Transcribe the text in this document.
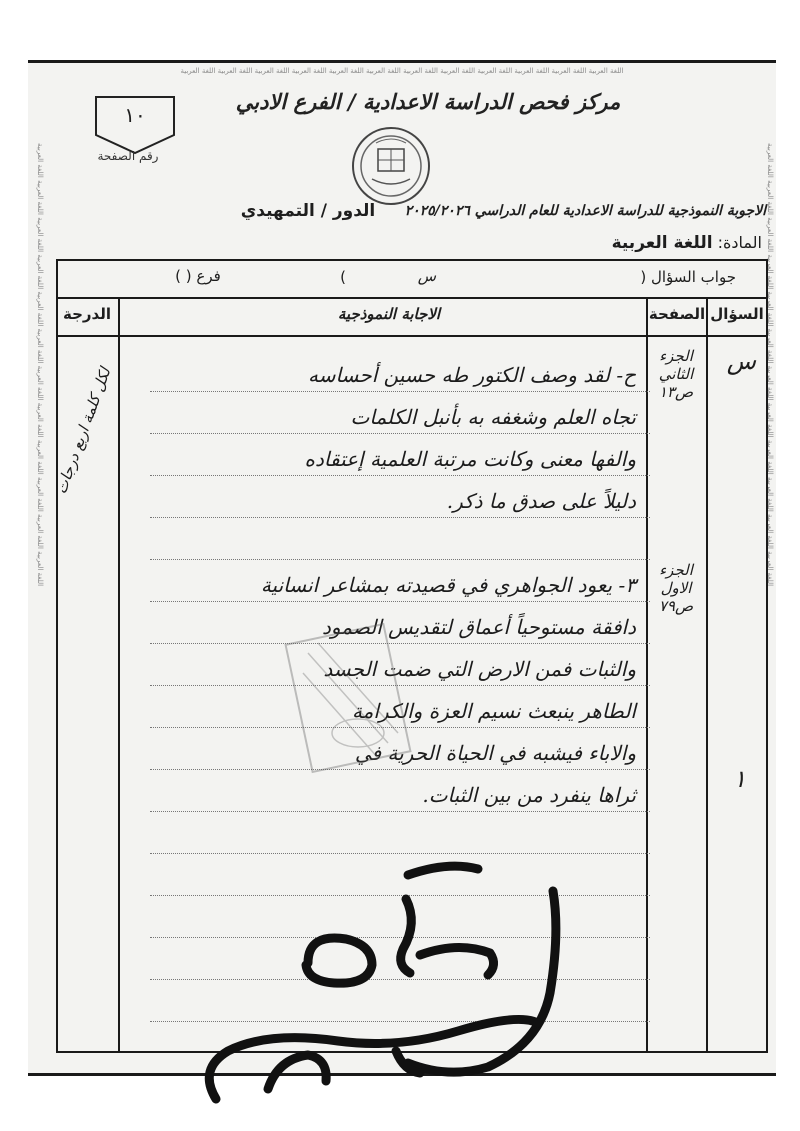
اللغة العربية اللغة العربية اللغة العربية اللغة العربية اللغة العربية اللغة العربية اللغة العربية اللغة العربية اللغة العربية اللغة العربية اللغة العربية اللغة العربية
اللغة العربية اللغة العربية اللغة العربية اللغة العربية اللغة العربية اللغة العربية اللغة العربية اللغة العربية اللغة العربية اللغة العربية اللغة العربية اللغة العربية	اللغة العربية اللغة العربية اللغة العربية اللغة العربية اللغة العربية اللغة العربية اللغة العربية اللغة العربية اللغة العربية اللغة العربية اللغة العربية اللغة العربية
مركز فحص الدراسة الاعدادية / الفرع الادبي
١٠
رقم الصفحة
الاجوبة النموذجية للدراسة الاعدادية للعام الدراسي ٢٠٢٥/٢٠٢٦
الدور / التمهيدي
المادة: اللغة العربية
جواب السؤال (
س
)
فرع ( )
السؤال
الصفحة
الاجابة النموذجية
الدرجة
س
١
الجزء الثاني ص١٣
الجزء الاول ص٧٩
ح- لقد وصف الكتور طه حسين أحساسه
تجاه العلم وشغفه به بأنبل الكلمات
والفها معنى وكانت مرتبة العلمية إعتقاده
دليلاً على صدق ما ذكر.
٣- يعود الجواهري في قصيدته بمشاعر انسانية
دافقة مستوحياً أعماق لتقديس الصمود
والثبات فمن الارض التي ضمت الجسد
الطاهر ينبعث نسيم العزة والكرامة
والاباء فيشبه في الحياة الحرية في
ثراها ينفرد من بين الثبات.
لكل كلمة اربع درجات
